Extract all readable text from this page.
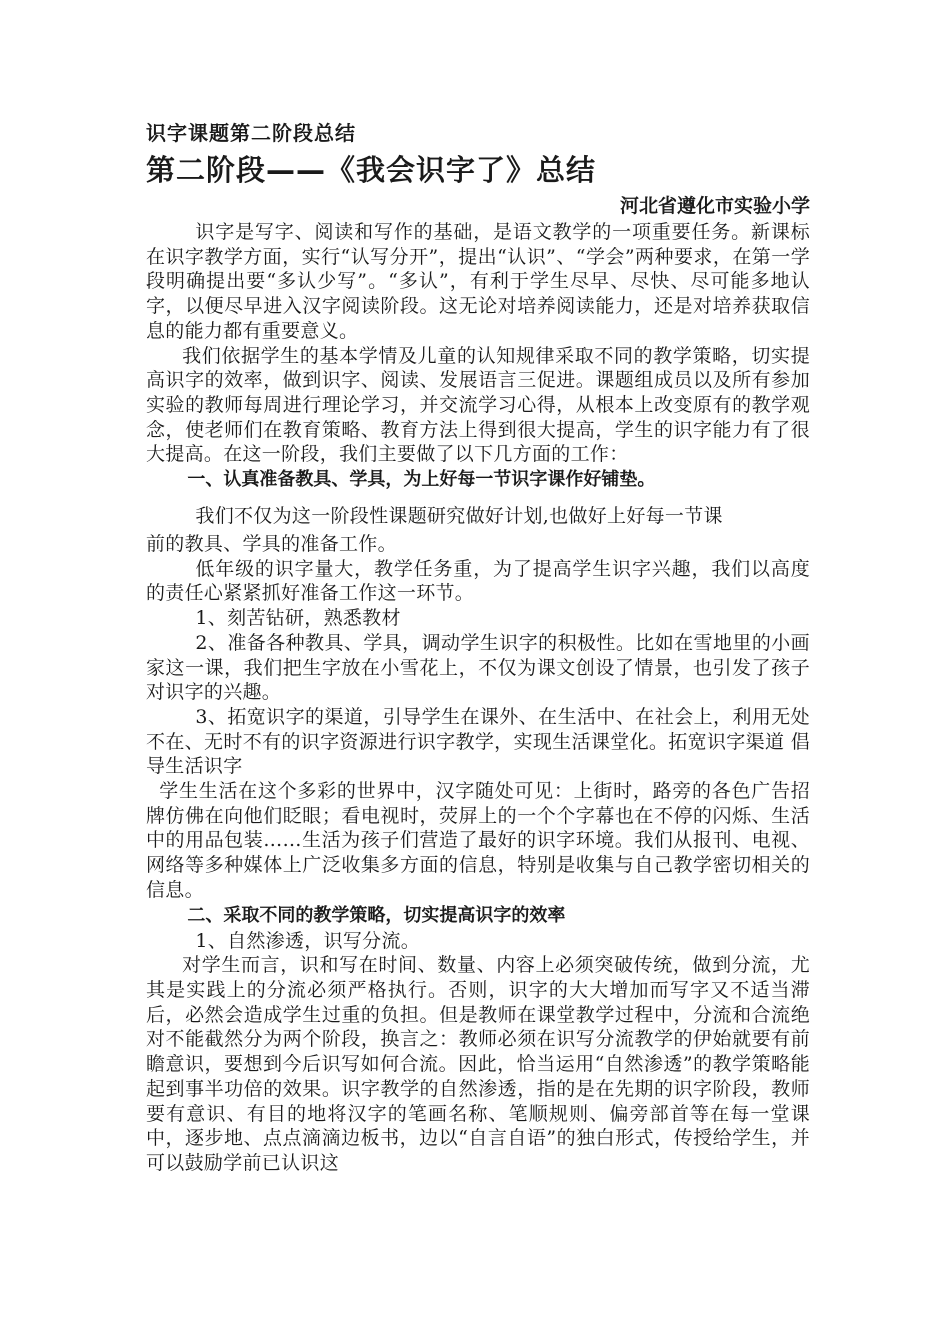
识字课题第二阶段总结
第二阶段——《我会识字了》总结
河北省遵化市实验小学

识字是写字、阅读和写作的基础，是语文教学的一项重要任务。新课标在识字教学方面，实行“认写分开”，提出“认识”、“学会”两种要求，在第一学段明确提出要“多认少写”。“多认”，有利于学生尽早、尽快、尽可能多地认字，以便尽早进入汉字阅读阶段。这无论对培养阅读能力，还是对培养获取信息的能力都有重要意义。

我们依据学生的基本学情及儿童的认知规律采取不同的教学策略，切实提高识字的效率，做到识字、阅读、发展语言三促进。课题组成员以及所有参加实验的教师每周进行理论学习，并交流学习心得，从根本上改变原有的教学观念，使老师们在教育策略、教育方法上得到很大提高，学生的识字能力有了很大提高。在这一阶段，我们主要做了以下几方面的工作：

一、认真准备教具、学具，为上好每一节识字课作好铺垫。

我们不仅为这一阶段性课题研究做好计划,也做好上好每一节课

前的教具、学具的准备工作。

低年级的识字量大，教学任务重，为了提高学生识字兴趣，我们以高度的责任心紧紧抓好准备工作这一环节。

1、刻苦钻研，熟悉教材

2、准备各种教具、学具，调动学生识字的积极性。比如在雪地里的小画家这一课，我们把生字放在小雪花上，不仅为课文创设了情景，也引发了孩子对识字的兴趣。

3、拓宽识字的渠道，引导学生在课外、在生活中、在社会上，利用无处不在、无时不有的识字资源进行识字教学，实现生活课堂化。拓宽识字渠道 倡导生活识字

学生生活在这个多彩的世界中，汉字随处可见：上街时，路旁的各色广告招牌仿佛在向他们眨眼；看电视时，荧屏上的一个个字幕也在不停的闪烁、生活中的用品包装……生活为孩子们营造了最好的识字环境。我们从报刊、电视、网络等多种媒体上广泛收集多方面的信息，特别是收集与自己教学密切相关的信息。

二、采取不同的教学策略，切实提高识字的效率

1、自然渗透，识写分流。

对学生而言，识和写在时间、数量、内容上必须突破传统，做到分流，尤其是实践上的分流必须严格执行。否则，识字的大大增加而写字又不适当滞后，必然会造成学生过重的负担。但是教师在课堂教学过程中，分流和合流绝对不能截然分为两个阶段，换言之：教师必须在识写分流教学的伊始就要有前瞻意识，要想到今后识写如何合流。因此，恰当运用“自然渗透”的教学策略能起到事半功倍的效果。识字教学的自然渗透，指的是在先期的识字阶段，教师要有意识、有目的地将汉字的笔画名称、笔顺规则、偏旁部首等在每一堂课中，逐步地、点点滴滴边板书，边以“自言自语”的独白形式，传授给学生，并可以鼓励学前已认识这
